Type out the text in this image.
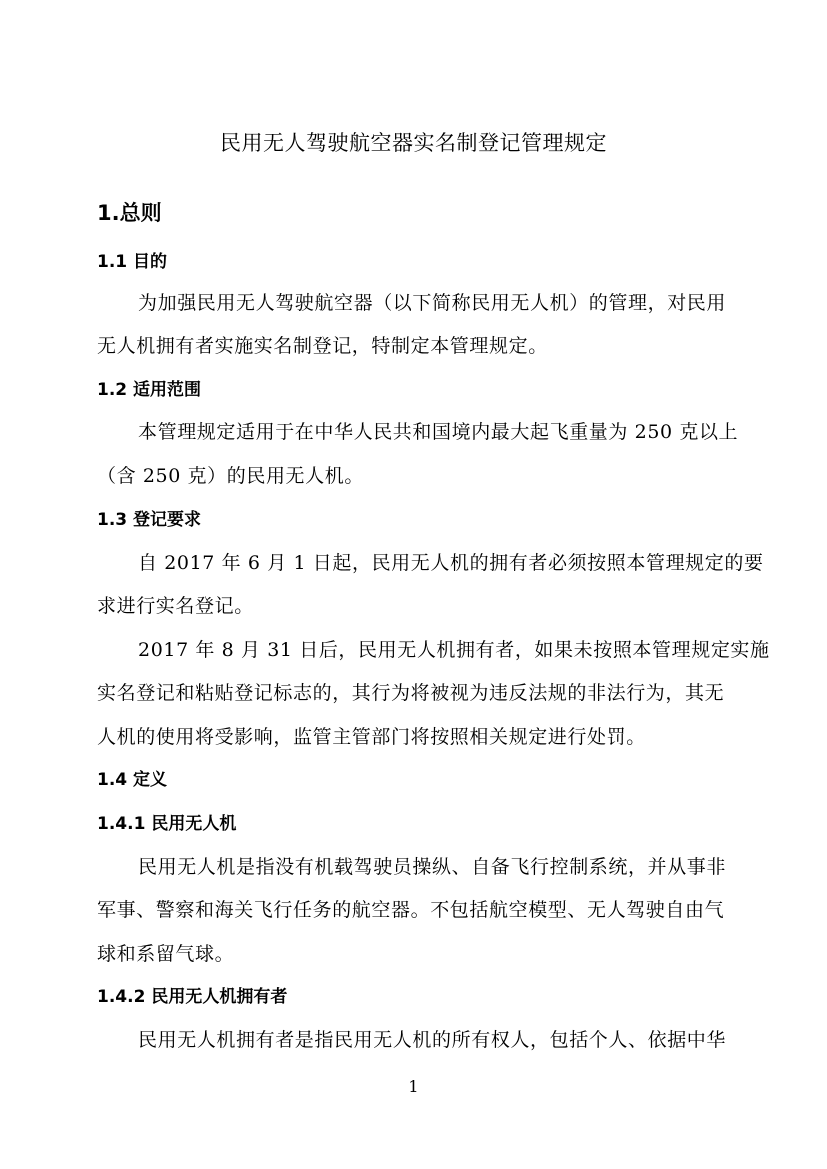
民用无人驾驶航空器实名制登记管理规定
1.总则
1.1 目的
为加强民用无人驾驶航空器（以下简称民用无人机）的管理，对民用
无人机拥有者实施实名制登记，特制定本管理规定。
1.2 适用范围
本管理规定适用于在中华人民共和国境内最大起飞重量为 250 克以上
（含 250 克）的民用无人机。
1.3 登记要求
自 2017 年 6 月 1 日起，民用无人机的拥有者必须按照本管理规定的要
求进行实名登记。
2017 年 8 月 31 日后，民用无人机拥有者，如果未按照本管理规定实施
实名登记和粘贴登记标志的，其行为将被视为违反法规的非法行为，其无
人机的使用将受影响，监管主管部门将按照相关规定进行处罚。
1.4 定义
1.4.1 民用无人机
民用无人机是指没有机载驾驶员操纵、自备飞行控制系统，并从事非
军事、警察和海关飞行任务的航空器。不包括航空模型、无人驾驶自由气
球和系留气球。
1.4.2 民用无人机拥有者
民用无人机拥有者是指民用无人机的所有权人，包括个人、依据中华
1
